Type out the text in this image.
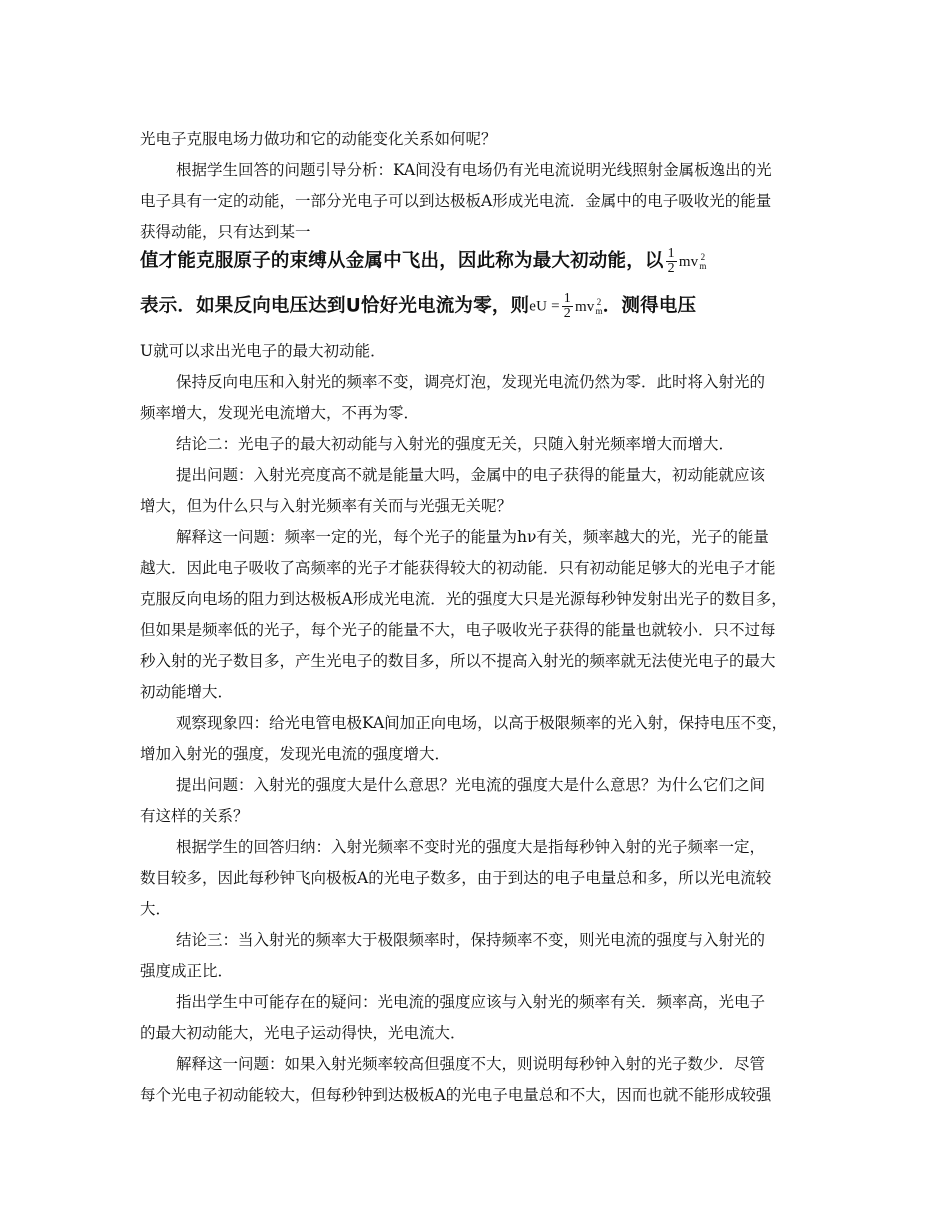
光电子克服电场力做功和它的动能变化关系如何呢？
根据学生回答的问题引导分析：KA间没有电场仍有光电流说明光线照射金属板逸出的光
电子具有一定的动能，一部分光电子可以到达极板A形成光电流．金属中的电子吸收光的能量
获得动能，只有达到某一
值才能克服原子的束缚从金属中飞出，因此称为最大初动能，以 $\frac{1}{2}$ mv 2
m
表示．如果反向电压达到U恰好光电流为零，则eU = $\frac{1}{2}$ mv 2
m ．测得电压
U就可以求出光电子的最大初动能．
保持反向电压和入射光的频率不变，调亮灯泡，发现光电流仍然为零．此时将入射光的
频率增大，发现光电流增大，不再为零．
结论二：光电子的最大初动能与入射光的强度无关，只随入射光频率增大而增大．
提出问题：入射光亮度高不就是能量大吗，金属中的电子获得的能量大，初动能就应该
增大，但为什么只与入射光频率有关而与光强无关呢？
解释这一问题：频率一定的光，每个光子的能量为hν有关，频率越大的光，光子的能量
越大．因此电子吸收了高频率的光子才能获得较大的初动能．只有初动能足够大的光电子才能
克服反向电场的阻力到达极板A形成光电流．光的强度大只是光源每秒钟发射出光子的数目多，
但如果是频率低的光子，每个光子的能量不大，电子吸收光子获得的能量也就较小．只不过每
秒入射的光子数目多，产生光电子的数目多，所以不提高入射光的频率就无法使光电子的最大
初动能增大．
观察现象四：给光电管电极KA间加正向电场，以高于极限频率的光入射，保持电压不变，
增加入射光的强度，发现光电流的强度增大．
提出问题：入射光的强度大是什么意思？光电流的强度大是什么意思？为什么它们之间
有这样的关系？
根据学生的回答归纳：入射光频率不变时光的强度大是指每秒钟入射的光子频率一定，
数目较多，因此每秒钟飞向极板A的光电子数多，由于到达的电子电量总和多，所以光电流较
大．
结论三：当入射光的频率大于极限频率时，保持频率不变，则光电流的强度与入射光的
强度成正比．
指出学生中可能存在的疑问：光电流的强度应该与入射光的频率有关．频率高，光电子
的最大初动能大，光电子运动得快，光电流大．
解释这一问题：如果入射光频率较高但强度不大，则说明每秒钟入射的光子数少．尽管
每个光电子初动能较大，但每秒钟到达极板A的光电子电量总和不大，因而也就不能形成较强
